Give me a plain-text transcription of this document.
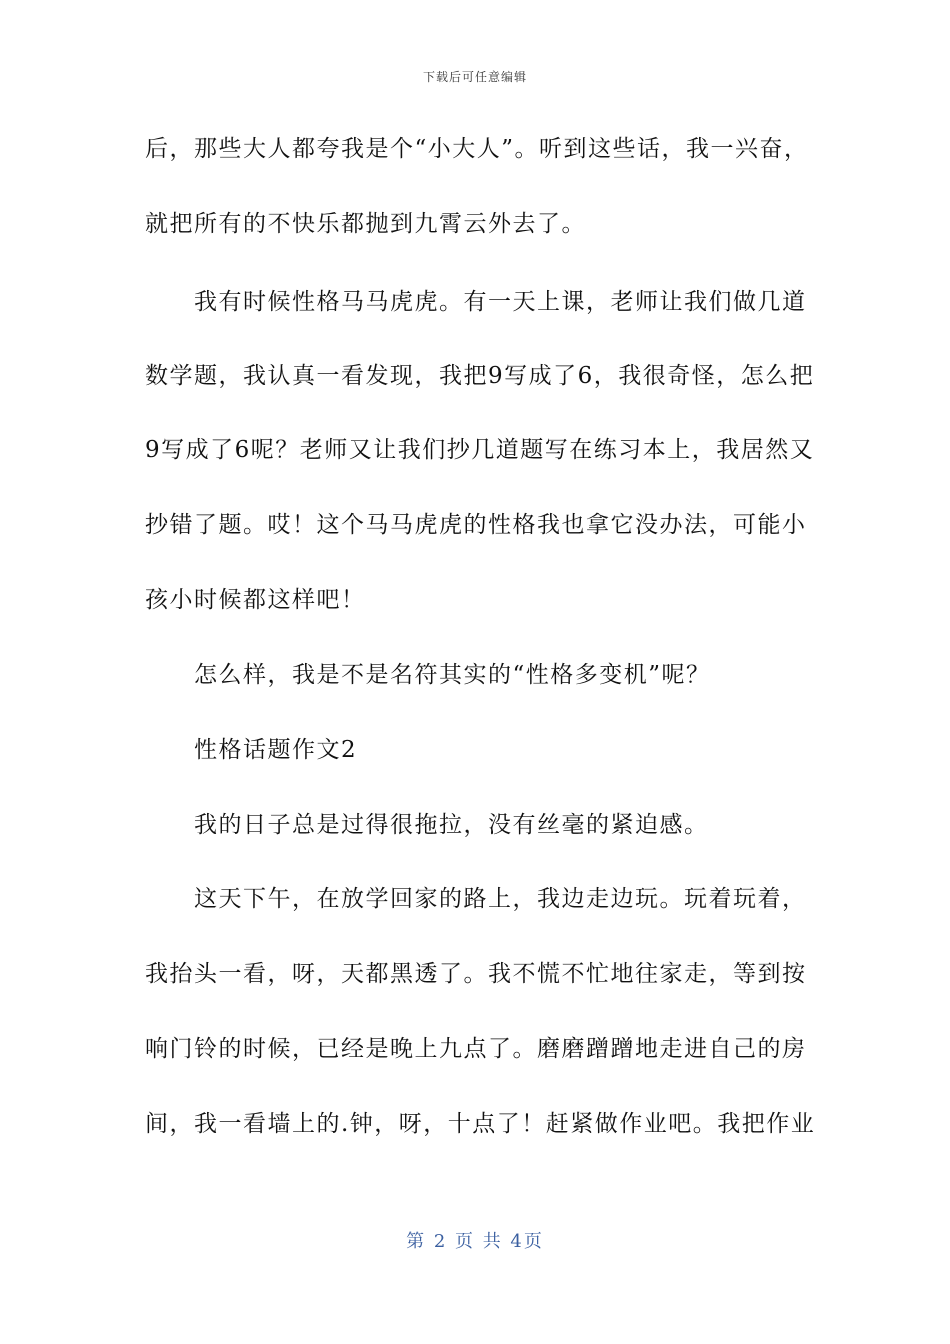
下载后可任意编辑
后，那些大人都夸我是个“小大人”。听到这些话，我一兴奋，
就把所有的不快乐都抛到九霄云外去了。
　　我有时候性格马马虎虎。有一天上课，老师让我们做几道
数学题，我认真一看发现，我把9写成了6，我很奇怪，怎么把
9写成了6呢？老师又让我们抄几道题写在练习本上，我居然又
抄错了题。哎！这个马马虎虎的性格我也拿它没办法，可能小
孩小时候都这样吧！
　　怎么样，我是不是名符其实的“性格多变机”呢？
　　性格话题作文2
　　我的日子总是过得很拖拉，没有丝毫的紧迫感。
　　这天下午，在放学回家的路上，我边走边玩。玩着玩着，
我抬头一看，呀，天都黑透了。我不慌不忙地往家走，等到按
响门铃的时候，已经是晚上九点了。磨磨蹭蹭地走进自己的房
间，我一看墙上的.钟，呀，十点了！赶紧做作业吧。我把作业
第 2 页 共 4页
